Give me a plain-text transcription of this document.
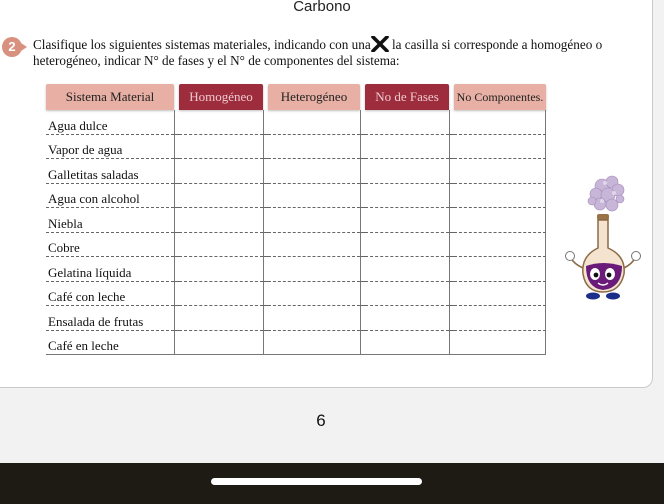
Carbono
2	Clasifique los siguientes sistemas materiales, indicando con una la casilla si corresponde a homogéneo o heterogéneo, indicar N° de fases y el N° de componentes del sistema:
Sistema Material		Homogéneo		Heterogéneo		No de Fases		No Componentes.
Agua dulce								
Vapor de agua								
Galletitas saladas								
Agua con alcohol								
Niebla								
Cobre								
Gelatina líquida								
Café con leche								
Ensalada de frutas								
Café en leche								
6
